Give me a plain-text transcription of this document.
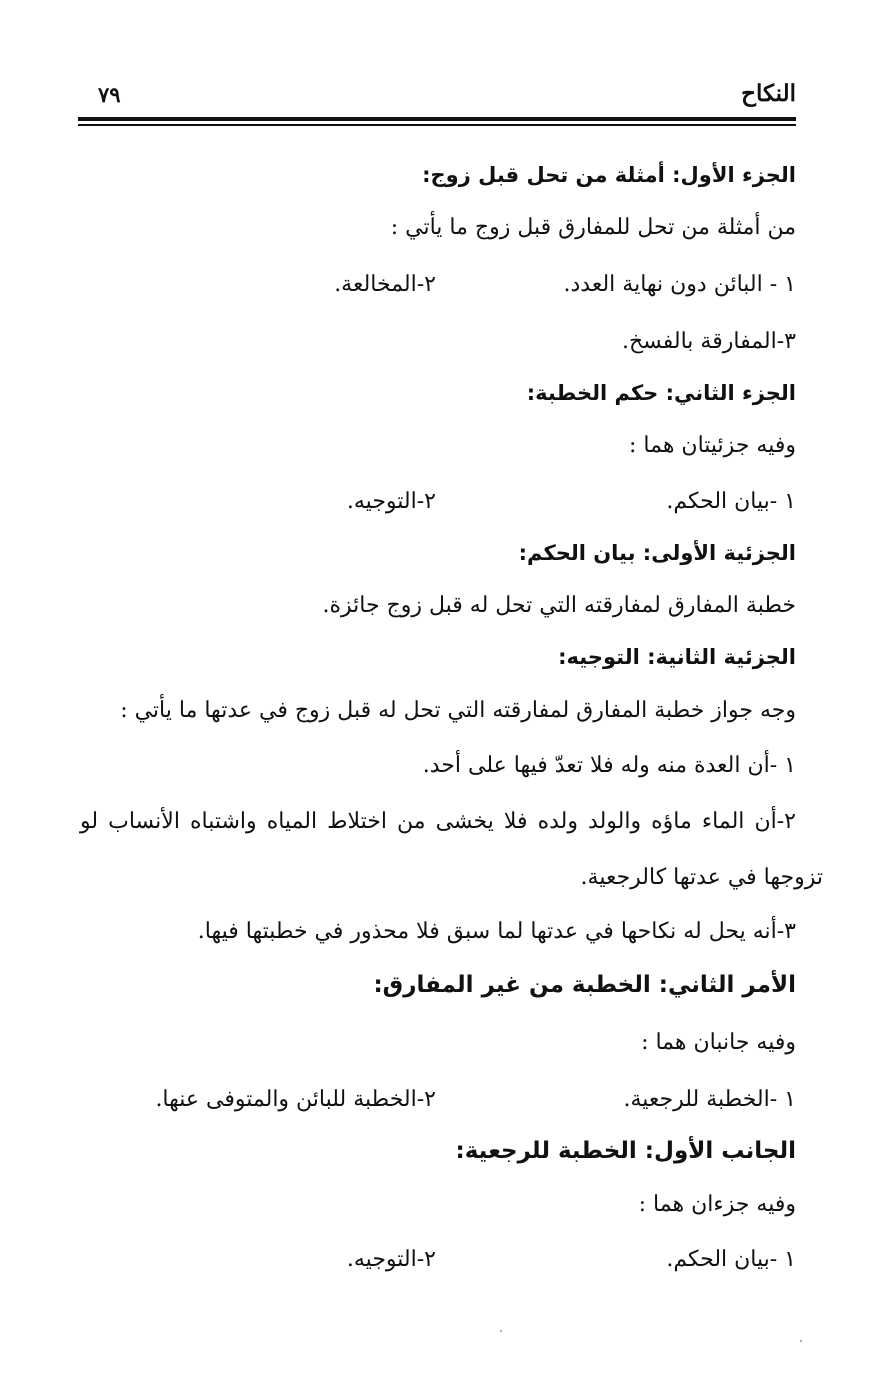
النكاح
٧٩
الجزء الأول: أمثلة من تحل قبل زوج:
من أمثلة من تحل للمفارق قبل زوج ما يأتي :
١ - البائن دون نهاية العدد.
٢-المخالعة.
٣-المفارقة بالفسخ.
الجزء الثاني: حكم الخطبة:
وفيه جزئيتان هما :
١ -بيان الحكم.
٢-التوجيه.
الجزئية الأولى: بيان الحكم:
خطبة المفارق لمفارقته التي تحل له قبل زوج جائزة.
الجزئية الثانية: التوجيه:
وجه جواز خطبة المفارق لمفارقته التي تحل له قبل زوج في عدتها ما يأتي :
١ -أن العدة منه وله فلا تعدّ فيها على أحد.
٢-أن الماء ماؤه والولد ولده فلا يخشى من اختلاط المياه واشتباه الأنساب لو
تزوجها في عدتها كالرجعية.
٣-أنه يحل له نكاحها في عدتها لما سبق فلا محذور في خطبتها فيها.
الأمر الثاني: الخطبة من غير المفارق:
وفيه جانبان هما :
١ -الخطبة للرجعية.
٢-الخطبة للبائن والمتوفى عنها.
الجانب الأول: الخطبة للرجعية:
وفيه جزءان هما :
١ -بيان الحكم.
٢-التوجيه.
